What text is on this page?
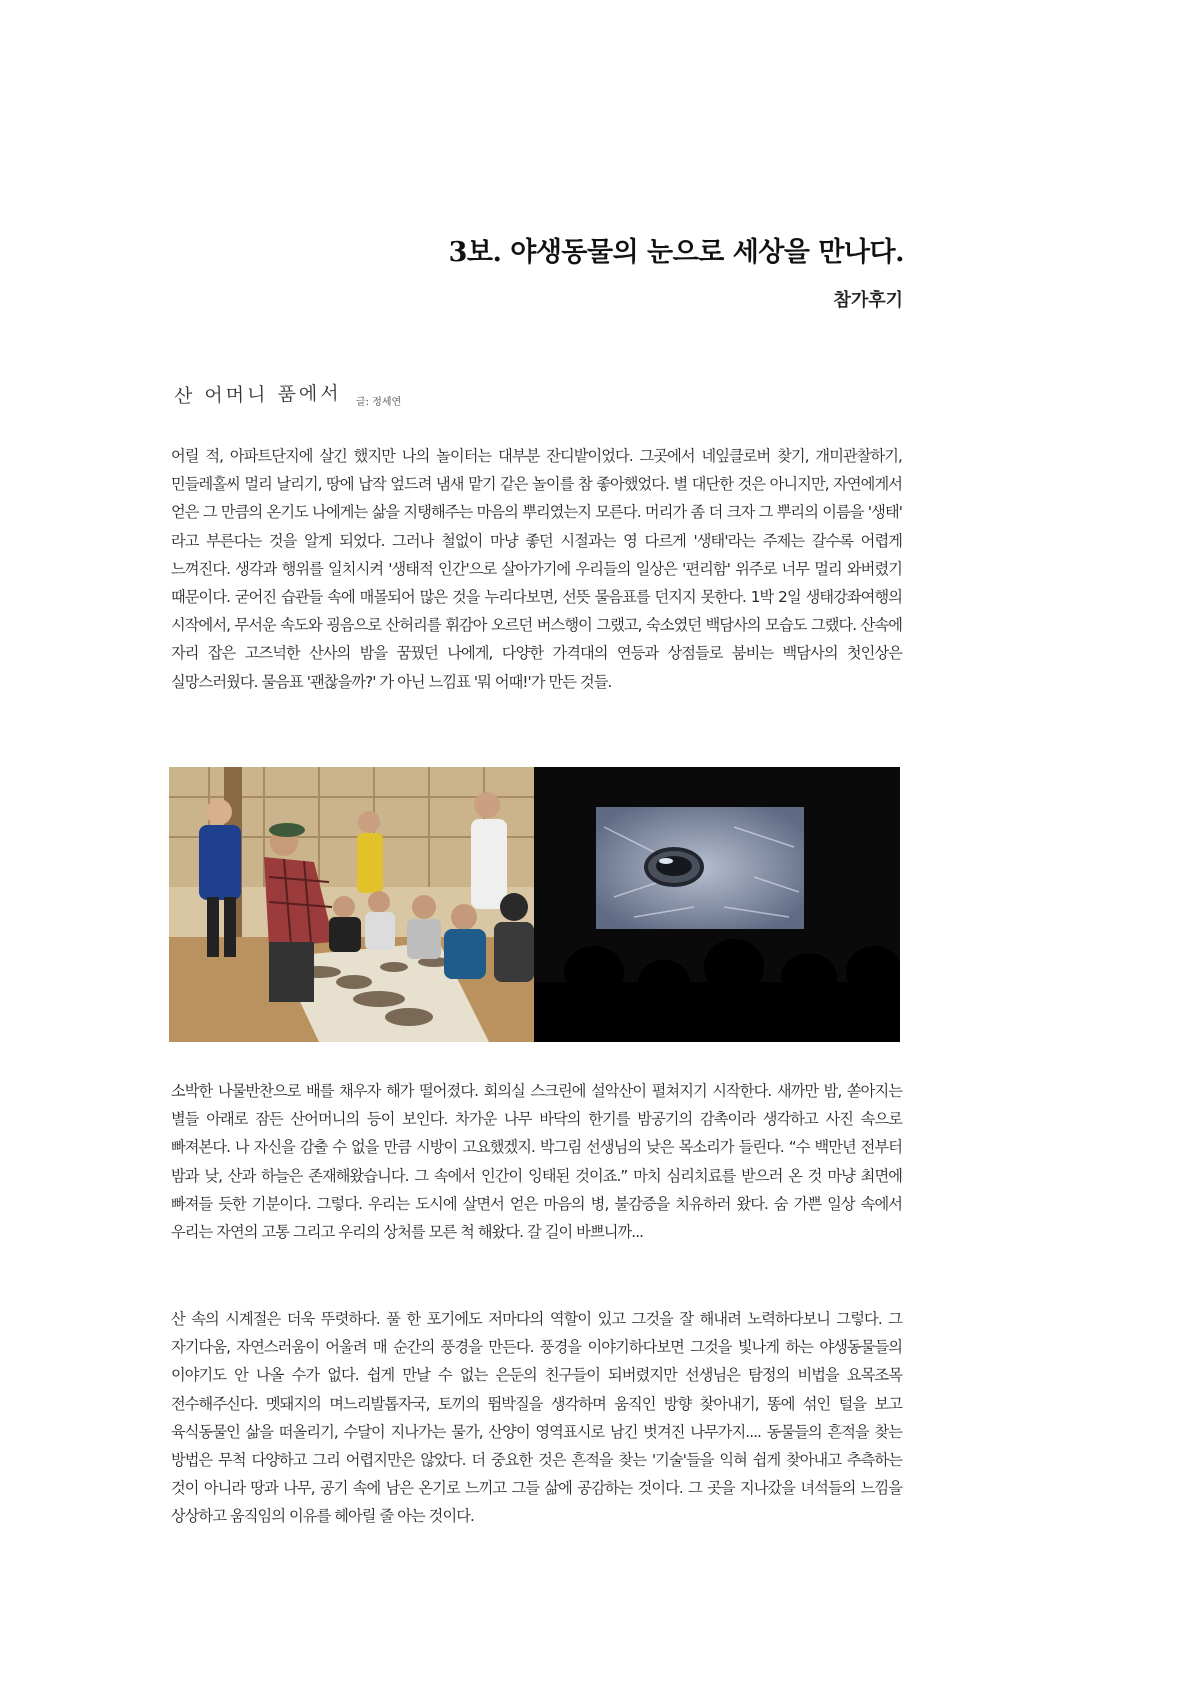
3보. 야생동물의 눈으로 세상을 만나다.
참가후기
산 어머니 품에서 글: 정세연

어릴 적, 아파트단지에 살긴 했지만 나의 놀이터는 대부분 잔디밭이었다. 그곳에서 네잎클로버 찾기, 개미관찰하기, 민들레홀씨 멀리 날리기, 땅에 납작 엎드려 냄새 맡기 같은 놀이를 참 좋아했었다. 별 대단한 것은 아니지만, 자연에게서 얻은 그 만큼의 온기도 나에게는 삶을 지탱해주는 마음의 뿌리였는지 모른다. 머리가 좀 더 크자 그 뿌리의 이름을 '생태' 라고 부른다는 것을 알게 되었다. 그러나 철없이 마냥 좋던 시절과는 영 다르게 '생태'라는 주제는 갈수록 어렵게 느껴진다. 생각과 행위를 일치시켜 '생태적 인간'으로 살아가기에 우리들의 일상은 '편리함' 위주로 너무 멀리 와버렸기 때문이다. 굳어진 습관들 속에 매몰되어 많은 것을 누리다보면, 선뜻 물음표를 던지지 못한다. 1박 2일 생태강좌여행의 시작에서, 무서운 속도와 굉음으로 산허리를 휘감아 오르던 버스행이 그랬고, 숙소였던 백담사의 모습도 그랬다. 산속에 자리 잡은 고즈넉한 산사의 밤을 꿈꿨던 나에게, 다양한 가격대의 연등과 상점들로 붐비는 백담사의 첫인상은 실망스러웠다. 물음표 '괜찮을까?' 가 아닌 느낌표 '뭐 어때!'가 만든 것들.

소박한 나물반찬으로 배를 채우자 해가 떨어졌다. 회의실 스크린에 설악산이 펼쳐지기 시작한다. 새까만 밤, 쏟아지는 별들 아래로 잠든 산어머니의 등이 보인다. 차가운 나무 바닥의 한기를 밤공기의 감촉이라 생각하고 사진 속으로 빠져본다. 나 자신을 감출 수 없을 만큼 시방이 고요했겠지. 박그림 선생님의 낮은 목소리가 들린다. “수 백만년 전부터 밤과 낮, 산과 하늘은 존재해왔습니다. 그 속에서 인간이 잉태된 것이죠.” 마치 심리치료를 받으러 온 것 마냥 최면에 빠져들 듯한 기분이다. 그렇다. 우리는 도시에 살면서 얻은 마음의 병, 불감증을 치유하러 왔다. 숨 가쁜 일상 속에서 우리는 자연의 고통 그리고 우리의 상처를 모른 척 해왔다. 갈 길이 바쁘니까...

산 속의 시계절은 더욱 뚜렷하다. 풀 한 포기에도 저마다의 역할이 있고 그것을 잘 해내려 노력하다보니 그렇다. 그 자기다움, 자연스러움이 어울려 매 순간의 풍경을 만든다. 풍경을 이야기하다보면 그것을 빛나게 하는 야생동물들의 이야기도 안 나올 수가 없다. 쉽게 만날 수 없는 은둔의 친구들이 되버렸지만 선생님은 탐정의 비법을 요목조목 전수해주신다. 멧돼지의 며느리발톱자국, 토끼의 뜀박질을 생각하며 움직인 방향 찾아내기, 똥에 섞인 털을 보고 육식동물인 삶을 떠올리기, 수달이 지나가는 물가, 산양이 영역표시로 남긴 벗겨진 나무가지.... 동물들의 흔적을 찾는 방법은 무척 다양하고 그리 어렵지만은 않았다. 더 중요한 것은 흔적을 찾는 '기술'들을 익혀 쉽게 찾아내고 추측하는 것이 아니라 땅과 나무, 공기 속에 남은 온기로 느끼고 그들 삶에 공감하는 것이다. 그 곳을 지나갔을 녀석들의 느낌을 상상하고 움직임의 이유를 헤아릴 줄 아는 것이다.
